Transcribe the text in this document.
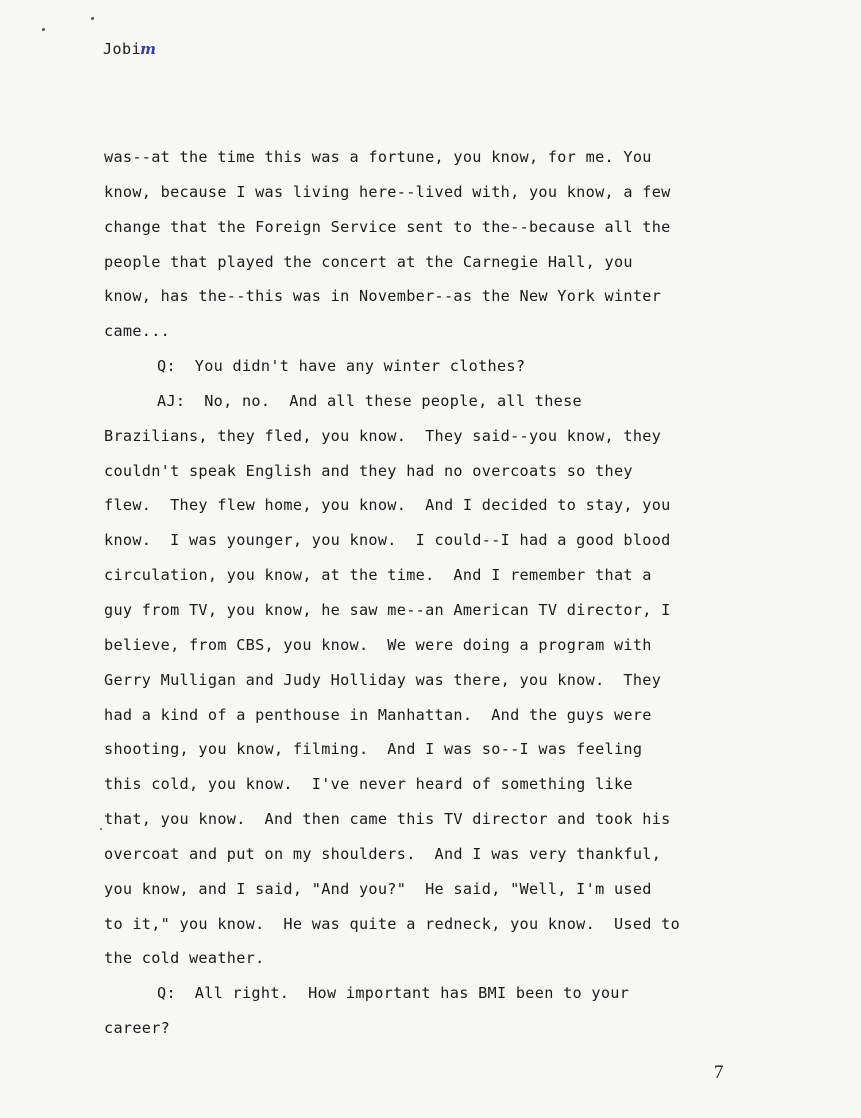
Jobim
was--at the time this was a fortune, you know, for me. You
know, because I was living here--lived with, you know, a few
change that the Foreign Service sent to the--because all the
people that played the concert at the Carnegie Hall, you
know, has the--this was in November--as the New York winter
came...
Q:  You didn't have any winter clothes?
AJ:  No, no.  And all these people, all these
Brazilians, they fled, you know.  They said--you know, they
couldn't speak English and they had no overcoats so they
flew.  They flew home, you know.  And I decided to stay, you
know.  I was younger, you know.  I could--I had a good blood
circulation, you know, at the time.  And I remember that a
guy from TV, you know, he saw me--an American TV director, I
believe, from CBS, you know.  We were doing a program with
Gerry Mulligan and Judy Holliday was there, you know.  They
had a kind of a penthouse in Manhattan.  And the guys were
shooting, you know, filming.  And I was so--I was feeling
this cold, you know.  I've never heard of something like
that, you know.  And then came this TV director and took his
overcoat and put on my shoulders.  And I was very thankful,
you know, and I said, "And you?"  He said, "Well, I'm used
to it," you know.  He was quite a redneck, you know.  Used to
the cold weather.
Q:  All right.  How important has BMI been to your
career?
7
